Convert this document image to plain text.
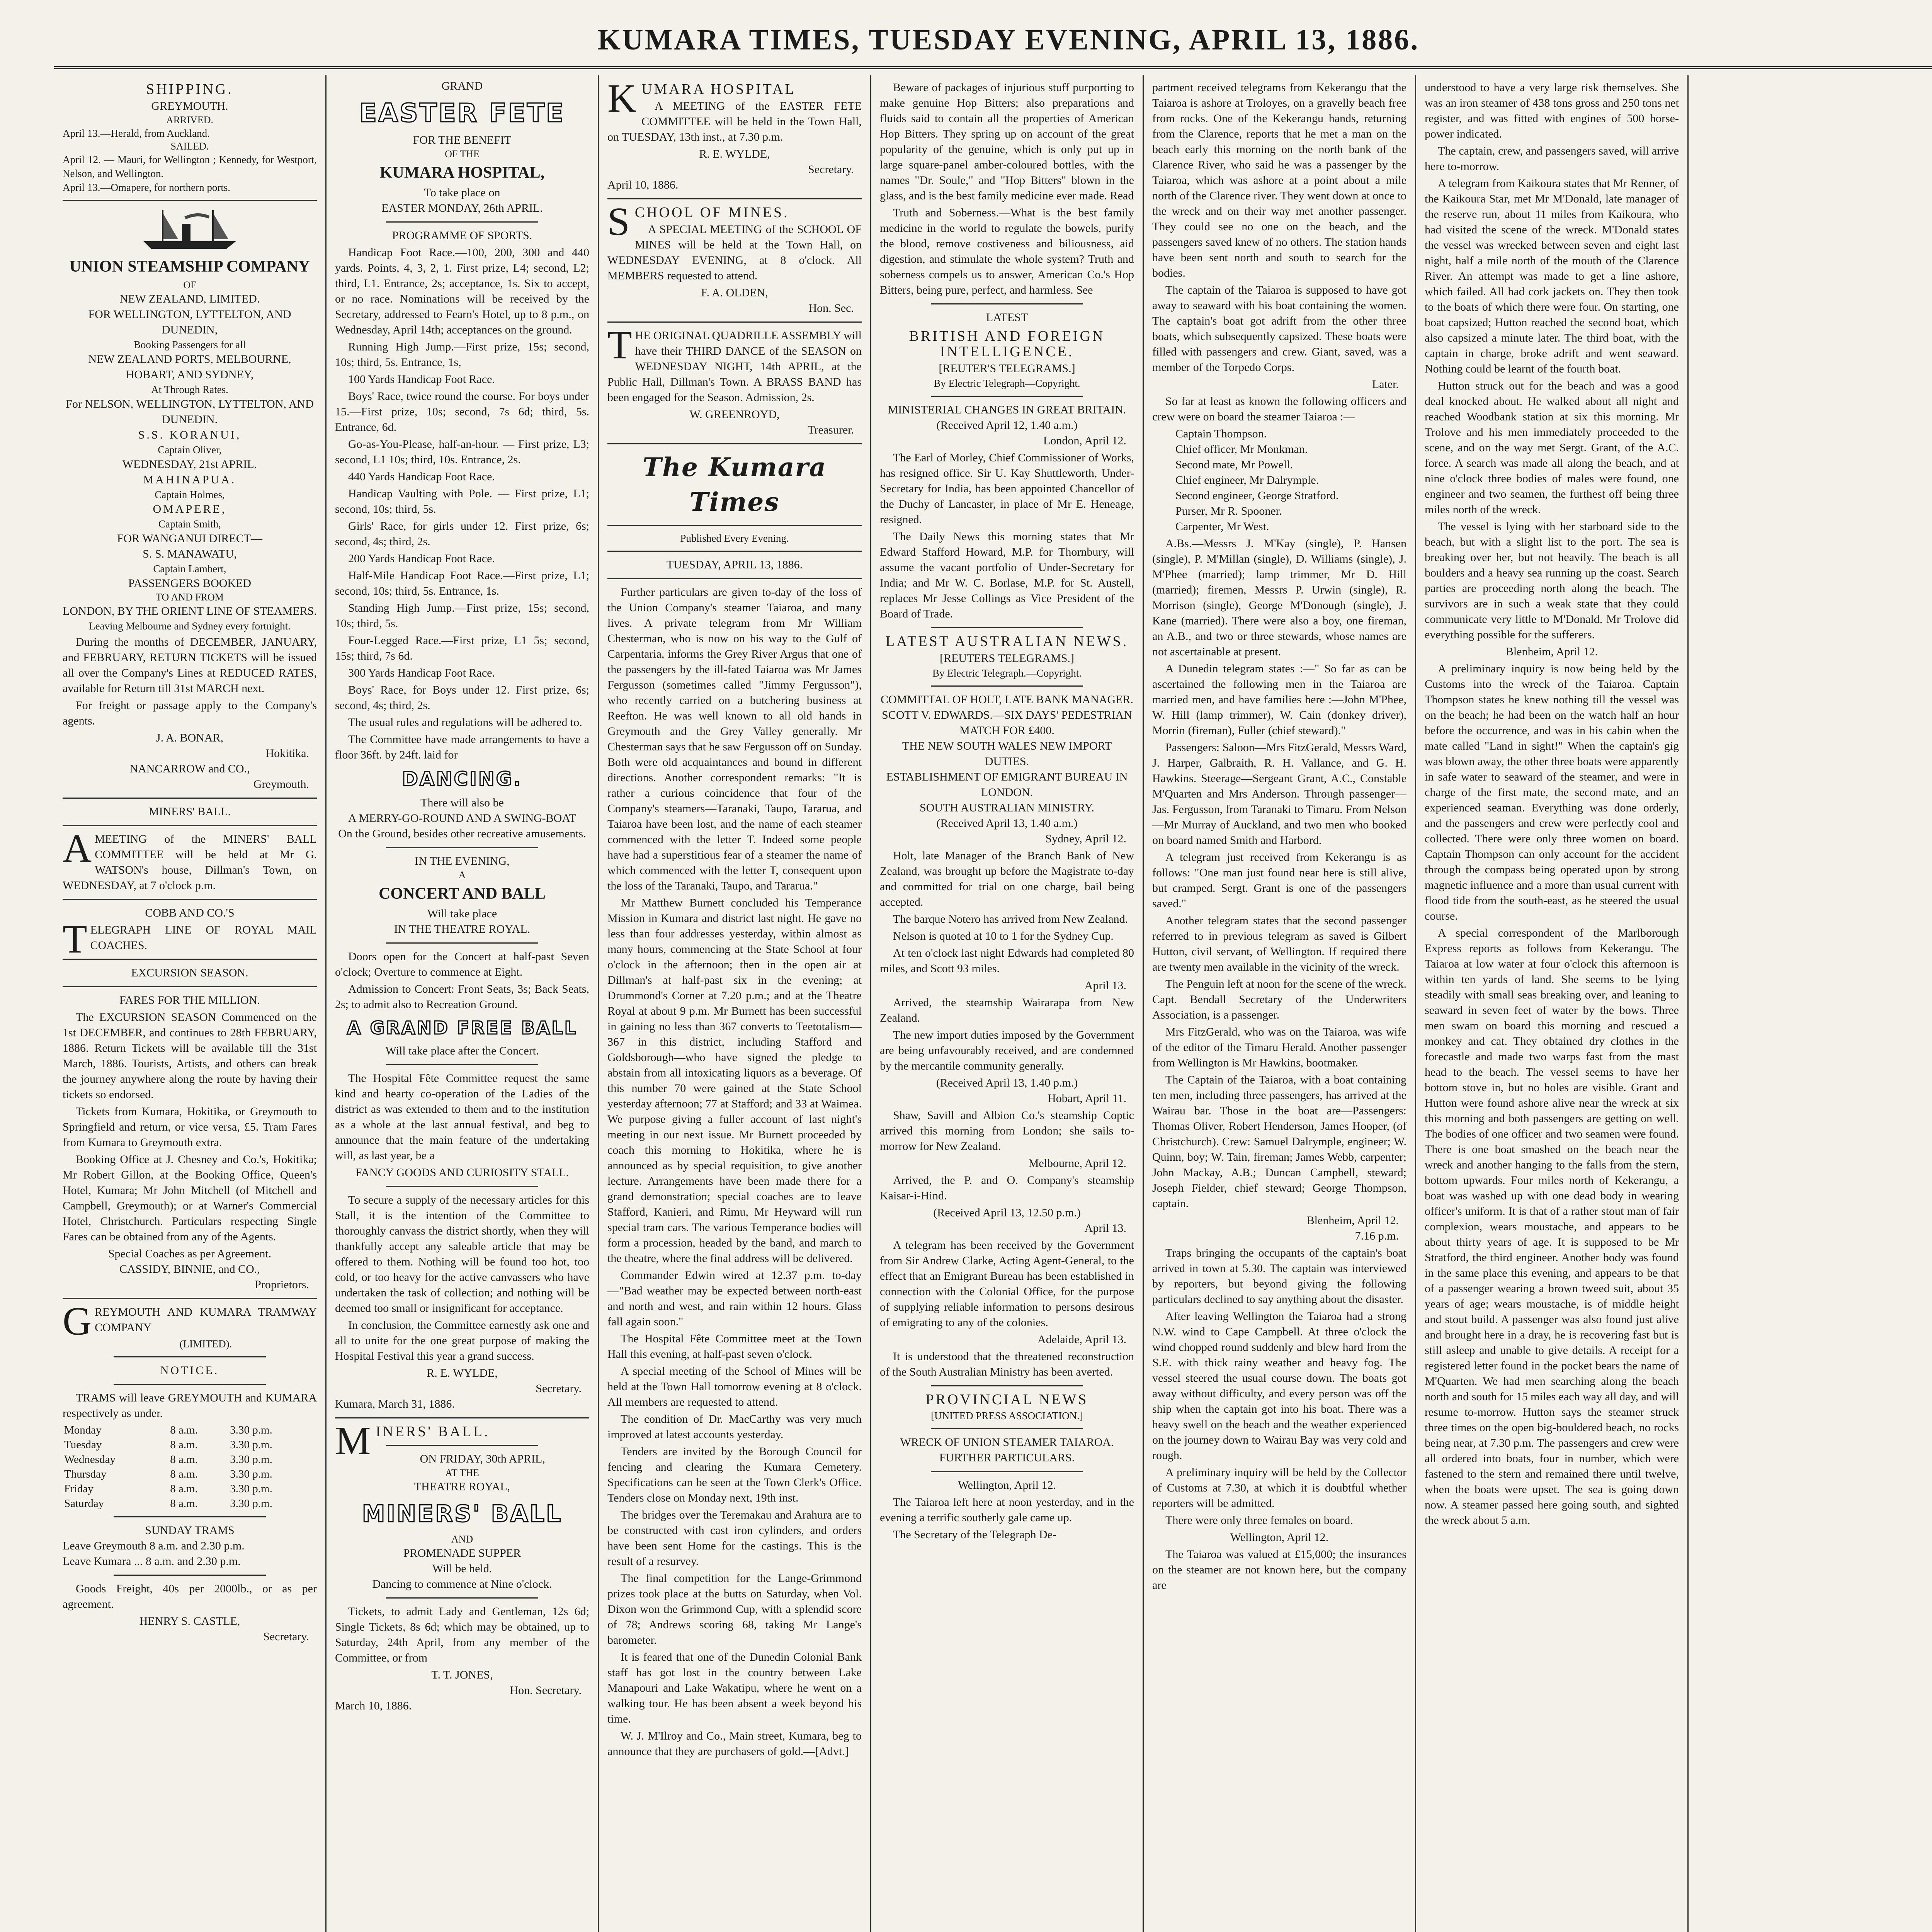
KUMARA TIMES, TUESDAY EVENING, APRIL 13, 1886.
SHIPPING.
GREYMOUTH.
ARRIVED.
April 13.—Herald, from Auckland.
SAILED.
April 12. — Mauri, for Wellington ; Kennedy, for Westport, Nelson, and Wellington.
April 13.—Omapere, for northern ports.
UNION STEAMSHIP COMPANY
OF
NEW ZEALAND, LIMITED.
FOR WELLINGTON, LYTTELTON, AND DUNEDIN,
Booking Passengers for all
NEW ZEALAND PORTS, MELBOURNE, HOBART, AND SYDNEY,
At Through Rates.
For NELSON, WELLINGTON, LYTTELTON, AND DUNEDIN.
S.S. KORANUI,
Captain Oliver,
WEDNESDAY, 21st APRIL.
MAHINAPUA.
Captain Holmes,
OMAPERE,
Captain Smith,
FOR WANGANUI DIRECT—
S. S. MANAWATU,
Captain Lambert,
PASSENGERS BOOKED
TO AND FROM
LONDON, BY THE ORIENT LINE OF STEAMERS.
Leaving Melbourne and Sydney every fortnight.

During the months of DECEMBER, JANUARY, and FEBRUARY, RETURN TICKETS will be issued all over the Company's Lines at REDUCED RATES, available for Return till 31st MARCH next.

For freight or passage apply to the Company's agents.

J. A. BONAR,
Hokitika.
NANCARROW and CO.,
Greymouth.
MINERS' BALL.

AMEETING of the MINERS' BALL COMMITTEE will be held at Mr G. WATSON's house, Dillman's Town, on WEDNESDAY, at 7 o'clock p.m.

COBB AND CO.'S

TELEGRAPH LINE OF ROYAL MAIL COACHES.

EXCURSION SEASON.
FARES FOR THE MILLION.

The EXCURSION SEASON Commenced on the 1st DECEMBER, and continues to 28th FEBRUARY, 1886. Return Tickets will be available till the 31st March, 1886. Tourists, Artists, and others can break the journey anywhere along the route by having their tickets so endorsed.

Tickets from Kumara, Hokitika, or Greymouth to Springfield and return, or vice versa, £5. Tram Fares from Kumara to Greymouth extra.

Booking Office at J. Chesney and Co.'s, Hokitika; Mr Robert Gillon, at the Booking Office, Queen's Hotel, Kumara; Mr John Mitchell (of Mitchell and Campbell, Greymouth); or at Warner's Commercial Hotel, Christchurch. Particulars respecting Single Fares can be obtained from any of the Agents.

Special Coaches as per Agreement.
CASSIDY, BINNIE, and CO.,
Proprietors.

GREYMOUTH AND KUMARA TRAMWAY COMPANY

(LIMITED).
NOTICE.

TRAMS will leave GREYMOUTH and KUMARA respectively as under.

Monday	8 a.m.	3.30 p.m.
Tuesday	8 a.m.	3.30 p.m.
Wednesday	8 a.m.	3.30 p.m.
Thursday	8 a.m.	3.30 p.m.
Friday	8 a.m.	3.30 p.m.
Saturday	8 a.m.	3.30 p.m.
SUNDAY TRAMS
Leave Greymouth 8 a.m. and 2.30 p.m.
Leave Kumara ... 8 a.m. and 2.30 p.m.

Goods Freight, 40s per 2000lb., or as per agreement.

HENRY S. CASTLE,
Secretary.
GRAND
EASTER FETE
FOR THE BENEFIT
OF THE
KUMARA HOSPITAL,
To take place on
EASTER MONDAY, 26th APRIL.
PROGRAMME OF SPORTS.

Handicap Foot Race.—100, 200, 300 and 440 yards. Points, 4, 3, 2, 1. First prize, L4; second, L2; third, L1. Entrance, 2s; acceptance, 1s. Six to accept, or no race. Nominations will be received by the Secretary, addressed to Fearn's Hotel, up to 8 p.m., on Wednesday, April 14th; acceptances on the ground.

Running High Jump.—First prize, 15s; second, 10s; third, 5s. Entrance, 1s,

100 Yards Handicap Foot Race.

Boys' Race, twice round the course. For boys under 15.—First prize, 10s; second, 7s 6d; third, 5s. Entrance, 6d.

Go-as-You-Please, half-an-hour. — First prize, L3; second, L1 10s; third, 10s. Entrance, 2s.

440 Yards Handicap Foot Race.

Handicap Vaulting with Pole. — First prize, L1; second, 10s; third, 5s.

Girls' Race, for girls under 12. First prize, 6s; second, 4s; third, 2s.

200 Yards Handicap Foot Race.

Half-Mile Handicap Foot Race.—First prize, L1; second, 10s; third, 5s. Entrance, 1s.

Standing High Jump.—First prize, 15s; second, 10s; third, 5s.

Four-Legged Race.—First prize, L1 5s; second, 15s; third, 7s 6d.

300 Yards Handicap Foot Race.

Boys' Race, for Boys under 12. First prize, 6s; second, 4s; third, 2s.

The usual rules and regulations will be adhered to.

The Committee have made arrangements to have a floor 36ft. by 24ft. laid for

DANCING.
There will also be
A MERRY-GO-ROUND AND A SWING-BOAT
On the Ground, besides other recreative amusements.
IN THE EVENING,
A
CONCERT AND BALL
Will take place
IN THE THEATRE ROYAL.

Doors open for the Concert at half-past Seven o'clock; Overture to commence at Eight.

Admission to Concert: Front Seats, 3s; Back Seats, 2s; to admit also to Recreation Ground.

A GRAND FREE BALL
Will take place after the Concert.

The Hospital Fête Committee request the same kind and hearty co-operation of the Ladies of the district as was extended to them and to the institution as a whole at the last annual festival, and beg to announce that the main feature of the undertaking will, as last year, be a

FANCY GOODS AND CURIOSITY STALL.

To secure a supply of the necessary articles for this Stall, it is the intention of the Committee to thoroughly canvass the district shortly, when they will thankfully accept any saleable article that may be offered to them. Nothing will be found too hot, too cold, or too heavy for the active canvassers who have undertaken the task of collection; and nothing will be deemed too small or insignificant for acceptance.

In conclusion, the Committee earnestly ask one and all to unite for the one great purpose of making the Hospital Festival this year a grand success.

R. E. WYLDE,
Secretary.
Kumara, March 31, 1886.
MINERS' BALL.
ON FRIDAY, 30th APRIL,
AT THE
THEATRE ROYAL,
MINERS' BALL
AND
PROMENADE SUPPER
Will be held.
Dancing to commence at Nine o'clock.

Tickets, to admit Lady and Gentleman, 12s 6d; Single Tickets, 8s 6d; which may be obtained, up to Saturday, 24th April, from any member of the Committee, or from

T. T. JONES,
Hon. Secretary.
March 10, 1886.
KUMARA HOSPITAL

A MEETING of the EASTER FETE COMMITTEE will be held in the Town Hall, on TUESDAY, 13th inst., at 7.30 p.m.

R. E. WYLDE,
Secretary.
April 10, 1886.
SCHOOL OF MINES.

A SPECIAL MEETING of the SCHOOL OF MINES will be held at the Town Hall, on WEDNESDAY EVENING, at 8 o'clock. All MEMBERS requested to attend.

F. A. OLDEN,
Hon. Sec.

THE ORIGINAL QUADRILLE ASSEMBLY will have their THIRD DANCE of the SEASON on WEDNESDAY NIGHT, 14th APRIL, at the Public Hall, Dillman's Town. A BRASS BAND has been engaged for the Season. Admission, 2s.

W. GREENROYD,
Treasurer.
The Kumara Times
Published Every Evening.
TUESDAY, APRIL 13, 1886.

Further particulars are given to-day of the loss of the Union Company's steamer Taiaroa, and many lives. A private telegram from Mr William Chesterman, who is now on his way to the Gulf of Carpentaria, informs the Grey River Argus that one of the passengers by the ill-fated Taiaroa was Mr James Fergusson (sometimes called "Jimmy Fergusson"), who recently carried on a butchering business at Reefton. He was well known to all old hands in Greymouth and the Grey Valley generally. Mr Chesterman says that he saw Fergusson off on Sunday. Both were old acquaintances and bound in different directions. Another correspondent remarks: "It is rather a curious coincidence that four of the Company's steamers—Taranaki, Taupo, Tararua, and Taiaroa have been lost, and the name of each steamer commenced with the letter T. Indeed some people have had a superstitious fear of a steamer the name of which commenced with the letter T, consequent upon the loss of the Taranaki, Taupo, and Tararua."

Mr Matthew Burnett concluded his Temperance Mission in Kumara and district last night. He gave no less than four addresses yesterday, within almost as many hours, commencing at the State School at four o'clock in the afternoon; then in the open air at Dillman's at half-past six in the evening; at Drummond's Corner at 7.20 p.m.; and at the Theatre Royal at about 9 p.m. Mr Burnett has been successful in gaining no less than 367 converts to Teetotalism—367 in this district, including Stafford and Goldsborough—who have signed the pledge to abstain from all intoxicating liquors as a beverage. Of this number 70 were gained at the State School yesterday afternoon; 77 at Stafford; and 33 at Waimea. We purpose giving a fuller account of last night's meeting in our next issue. Mr Burnett proceeded by coach this morning to Hokitika, where he is announced as by special requisition, to give another lecture. Arrangements have been made there for a grand demonstration; special coaches are to leave Stafford, Kanieri, and Rimu, Mr Heyward will run special tram cars. The various Temperance bodies will form a procession, headed by the band, and march to the theatre, where the final address will be delivered.

Commander Edwin wired at 12.37 p.m. to-day—"Bad weather may be expected between north-east and north and west, and rain within 12 hours. Glass fall again soon."

The Hospital Fête Committee meet at the Town Hall this evening, at half-past seven o'clock.

A special meeting of the School of Mines will be held at the Town Hall tomorrow evening at 8 o'clock. All members are requested to attend.

The condition of Dr. MacCarthy was very much improved at latest accounts yesterday.

Tenders are invited by the Borough Council for fencing and clearing the Kumara Cemetery. Specifications can be seen at the Town Clerk's Office. Tenders close on Monday next, 19th inst.

The bridges over the Teremakau and Arahura are to be constructed with cast iron cylinders, and orders have been sent Home for the castings. This is the result of a resurvey.

The final competition for the Lange-Grimmond prizes took place at the butts on Saturday, when Vol. Dixon won the Grimmond Cup, with a splendid score of 78; Andrews scoring 68, taking Mr Lange's barometer.

It is feared that one of the Dunedin Colonial Bank staff has got lost in the country between Lake Manapouri and Lake Wakatipu, where he went on a walking tour. He has been absent a week beyond his time.

W. J. M'Ilroy and Co., Main street, Kumara, beg to announce that they are purchasers of gold.—[Advt.]

Beware of packages of injurious stuff purporting to make genuine Hop Bitters; also preparations and fluids said to contain all the properties of American Hop Bitters. They spring up on account of the great popularity of the genuine, which is only put up in large square-panel amber-coloured bottles, with the names "Dr. Soule," and "Hop Bitters" blown in the glass, and is the best family medicine ever made. Read

Truth and Soberness.—What is the best family medicine in the world to regulate the bowels, purify the blood, remove costiveness and biliousness, aid digestion, and stimulate the whole system? Truth and soberness compels us to answer, American Co.'s Hop Bitters, being pure, perfect, and harmless. See

LATEST
BRITISH AND FOREIGN INTELLIGENCE.
[REUTER'S TELEGRAMS.]
By Electric Telegraph—Copyright.
MINISTERIAL CHANGES IN GREAT BRITAIN.
(Received April 12, 1.40 a.m.)
London, April 12.

The Earl of Morley, Chief Commissioner of Works, has resigned office. Sir U. Kay Shuttleworth, Under-Secretary for India, has been appointed Chancellor of the Duchy of Lancaster, in place of Mr E. Heneage, resigned.

The Daily News this morning states that Mr Edward Stafford Howard, M.P. for Thornbury, will assume the vacant portfolio of Under-Secretary for India; and Mr W. C. Borlase, M.P. for St. Austell, replaces Mr Jesse Collings as Vice President of the Board of Trade.

LATEST AUSTRALIAN NEWS.
[REUTERS TELEGRAMS.]
By Electric Telegraph.—Copyright.
COMMITTAL OF HOLT, LATE BANK MANAGER.
SCOTT V. EDWARDS.—SIX DAYS' PEDESTRIAN MATCH FOR £400.
THE NEW SOUTH WALES NEW IMPORT DUTIES.
ESTABLISHMENT OF EMIGRANT BUREAU IN LONDON.
SOUTH AUSTRALIAN MINISTRY.
(Received April 13, 1.40 a.m.)
Sydney, April 12.

Holt, late Manager of the Branch Bank of New Zealand, was brought up before the Magistrate to-day and committed for trial on one charge, bail being accepted.

The barque Notero has arrived from New Zealand.

Nelson is quoted at 10 to 1 for the Sydney Cup.

At ten o'clock last night Edwards had completed 80 miles, and Scott 93 miles.

April 13.

Arrived, the steamship Wairarapa from New Zealand.

The new import duties imposed by the Government are being unfavourably received, and are condemned by the mercantile community generally.

(Received April 13, 1.40 p.m.)
Hobart, April 11.

Shaw, Savill and Albion Co.'s steamship Coptic arrived this morning from London; she sails to-morrow for New Zealand.

Melbourne, April 12.

Arrived, the P. and O. Company's steamship Kaisar-i-Hind.

(Received April 13, 12.50 p.m.)
April 13.

A telegram has been received by the Government from Sir Andrew Clarke, Acting Agent-General, to the effect that an Emigrant Bureau has been established in connection with the Colonial Office, for the purpose of supplying reliable information to persons desirous of emigrating to any of the colonies.

Adelaide, April 13.

It is understood that the threatened reconstruction of the South Australian Ministry has been averted.

PROVINCIAL NEWS
[UNITED PRESS ASSOCIATION.]
WRECK OF UNION STEAMER TAIAROA.
FURTHER PARTICULARS.
Wellington, April 12.

The Taiaroa left here at noon yesterday, and in the evening a terrific southerly gale came up.

The Secretary of the Telegraph De-

partment received telegrams from Kekerangu that the Taiaroa is ashore at Troloyes, on a gravelly beach free from rocks. One of the Kekerangu hands, returning from the Clarence, reports that he met a man on the beach early this morning on the north bank of the Clarence River, who said he was a passenger by the Taiaroa, which was ashore at a point about a mile north of the Clarence river. They went down at once to the wreck and on their way met another passenger. They could see no one on the beach, and the passengers saved knew of no others. The station hands have been sent north and south to search for the bodies.

The captain of the Taiaroa is supposed to have got away to seaward with his boat containing the women. The captain's boat got adrift from the other three boats, which subsequently capsized. These boats were filled with passengers and crew. Giant, saved, was a member of the Torpedo Corps.

Later.

So far at least as known the following officers and crew were on board the steamer Taiaroa :—

Captain Thompson.
Chief officer, Mr Monkman.
Second mate, Mr Powell.
Chief engineer, Mr Dalrymple.
Second engineer, George Stratford.
Purser, Mr R. Spooner.
Carpenter, Mr West.

A.Bs.—Messrs J. M'Kay (single), P. Hansen (single), P. M'Millan (single), D. Williams (single), J. M'Phee (married); lamp trimmer, Mr D. Hill (married); firemen, Messrs P. Urwin (single), R. Morrison (single), George M'Donough (single), J. Kane (married). There were also a boy, one fireman, an A.B., and two or three stewards, whose names are not ascertainable at present.

A Dunedin telegram states :—" So far as can be ascertained the following men in the Taiaroa are married men, and have families here :—John M'Phee, W. Hill (lamp trimmer), W. Cain (donkey driver), Morrin (fireman), Fuller (chief steward)."

Passengers: Saloon—Mrs FitzGerald, Messrs Ward, J. Harper, Galbraith, R. H. Vallance, and G. H. Hawkins. Steerage—Sergeant Grant, A.C., Constable M'Quarten and Mrs Anderson. Through passenger—Jas. Fergusson, from Taranaki to Timaru. From Nelson—Mr Murray of Auckland, and two men who booked on board named Smith and Harbord.

A telegram just received from Kekerangu is as follows: "One man just found near here is still alive, but cramped. Sergt. Grant is one of the passengers saved."

Another telegram states that the second passenger referred to in previous telegram as saved is Gilbert Hutton, civil servant, of Wellington. If required there are twenty men available in the vicinity of the wreck.

The Penguin left at noon for the scene of the wreck. Capt. Bendall Secretary of the Underwriters Association, is a passenger.

Mrs FitzGerald, who was on the Taiaroa, was wife of the editor of the Timaru Herald. Another passenger from Wellington is Mr Hawkins, bootmaker.

The Captain of the Taiaroa, with a boat containing ten men, including three passengers, has arrived at the Wairau bar. Those in the boat are—Passengers: Thomas Oliver, Robert Henderson, James Hooper, (of Christchurch). Crew: Samuel Dalrymple, engineer; W. Quinn, boy; W. Tain, fireman; James Webb, carpenter; John Mackay, A.B.; Duncan Campbell, steward; Joseph Fielder, chief steward; George Thompson, captain.

Blenheim, April 12.
7.16 p.m.

Traps bringing the occupants of the captain's boat arrived in town at 5.30. The captain was interviewed by reporters, but beyond giving the following particulars declined to say anything about the disaster.

After leaving Wellington the Taiaroa had a strong N.W. wind to Cape Campbell. At three o'clock the wind chopped round suddenly and blew hard from the S.E. with thick rainy weather and heavy fog. The vessel steered the usual course down. The boats got away without difficulty, and every person was off the ship when the captain got into his boat. There was a heavy swell on the beach and the weather experienced on the journey down to Wairau Bay was very cold and rough.

A preliminary inquiry will be held by the Collector of Customs at 7.30, at which it is doubtful whether reporters will be admitted.

There were only three females on board.

Wellington, April 12.

The Taiaroa was valued at £15,000; the insurances on the steamer are not known here, but the company are

understood to have a very large risk themselves. She was an iron steamer of 438 tons gross and 250 tons net register, and was fitted with engines of 500 horse-power indicated.

The captain, crew, and passengers saved, will arrive here to-morrow.

A telegram from Kaikoura states that Mr Renner, of the Kaikoura Star, met Mr M'Donald, late manager of the reserve run, about 11 miles from Kaikoura, who had visited the scene of the wreck. M'Donald states the vessel was wrecked between seven and eight last night, half a mile north of the mouth of the Clarence River. An attempt was made to get a line ashore, which failed. All had cork jackets on. They then took to the boats of which there were four. On starting, one boat capsized; Hutton reached the second boat, which also capsized a minute later. The third boat, with the captain in charge, broke adrift and went seaward. Nothing could be learnt of the fourth boat.

Hutton struck out for the beach and was a good deal knocked about. He walked about all night and reached Woodbank station at six this morning. Mr Trolove and his men immediately proceeded to the scene, and on the way met Sergt. Grant, of the A.C. force. A search was made all along the beach, and at nine o'clock three bodies of males were found, one engineer and two seamen, the furthest off being three miles north of the wreck.

The vessel is lying with her starboard side to the beach, but with a slight list to the port. The sea is breaking over her, but not heavily. The beach is all boulders and a heavy sea running up the coast. Search parties are proceeding north along the beach. The survivors are in such a weak state that they could communicate very little to M'Donald. Mr Trolove did everything possible for the sufferers.

Blenheim, April 12.

A preliminary inquiry is now being held by the Customs into the wreck of the Taiaroa. Captain Thompson states he knew nothing till the vessel was on the beach; he had been on the watch half an hour before the occurrence, and was in his cabin when the mate called "Land in sight!" When the captain's gig was blown away, the other three boats were apparently in safe water to seaward of the steamer, and were in charge of the first mate, the second mate, and an experienced seaman. Everything was done orderly, and the passengers and crew were perfectly cool and collected. There were only three women on board. Captain Thompson can only account for the accident through the compass being operated upon by strong magnetic influence and a more than usual current with flood tide from the south-east, as he steered the usual course.

A special correspondent of the Marlborough Express reports as follows from Kekerangu. The Taiaroa at low water at four o'clock this afternoon is within ten yards of land. She seems to be lying steadily with small seas breaking over, and leaning to seaward in seven feet of water by the bows. Three men swam on board this morning and rescued a monkey and cat. They obtained dry clothes in the forecastle and made two warps fast from the mast head to the beach. The vessel seems to have her bottom stove in, but no holes are visible. Grant and Hutton were found ashore alive near the wreck at six this morning and both passengers are getting on well. The bodies of one officer and two seamen were found. There is one boat smashed on the beach near the wreck and another hanging to the falls from the stern, bottom upwards. Four miles north of Kekerangu, a boat was washed up with one dead body in wearing officer's uniform. It is that of a rather stout man of fair complexion, wears moustache, and appears to be about thirty years of age. It is supposed to be Mr Stratford, the third engineer. Another body was found in the same place this evening, and appears to be that of a passenger wearing a brown tweed suit, about 35 years of age; wears moustache, is of middle height and stout build. A passenger was also found just alive and brought here in a dray, he is recovering fast but is still asleep and unable to give details. A receipt for a registered letter found in the pocket bears the name of M'Quarten. We had men searching along the beach north and south for 15 miles each way all day, and will resume to-morrow. Hutton says the steamer struck three times on the open big-bouldered beach, no rocks being near, at 7.30 p.m. The passengers and crew were all ordered into boats, four in number, which were fastened to the stern and remained there until twelve, when the boats were upset. The sea is going down now. A steamer passed here going south, and sighted the wreck about 5 a.m.
